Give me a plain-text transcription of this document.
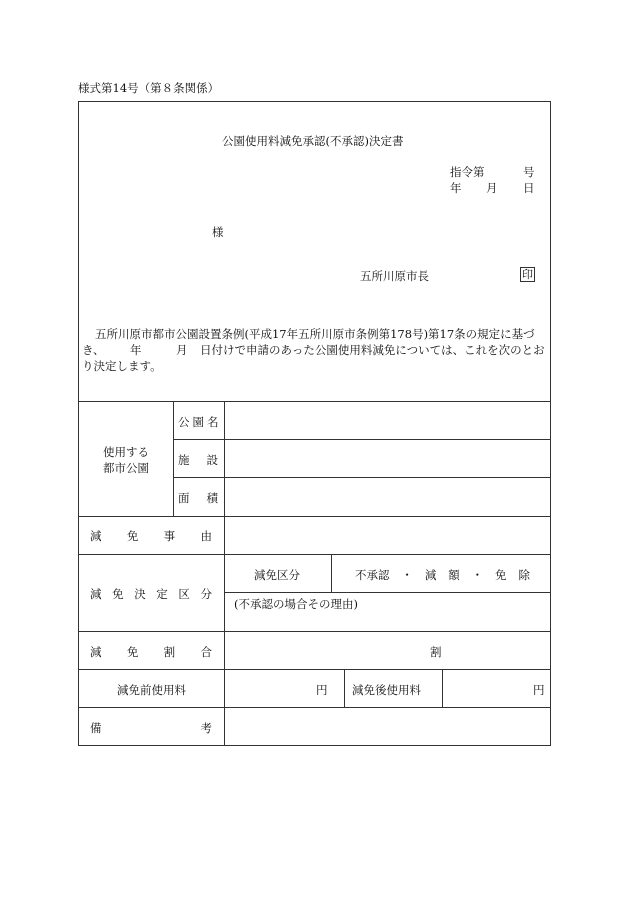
様式第14号（第８条関係）
公園使用料減免承認(不承認)決定書
指令第	号
年 月 日
様
五所川原市長	印
五所川原市都市公園設置条例(平成17年五所川原市条例第178号)第17条の規定に基づ
き、 年	月 日付けで申請のあった公園使用料減免については、これを次のとお
り決定します。
使用する
都市公園
公園名
施 設
面 積
減 免 事 由
減 免 決 定 区 分
減免区分	不承認 ・ 減 額 ・ 免 除
(不承認の場合その理由)
減 免 割 合	割
減免前使用料	円 減免後使用料	円
備	考
